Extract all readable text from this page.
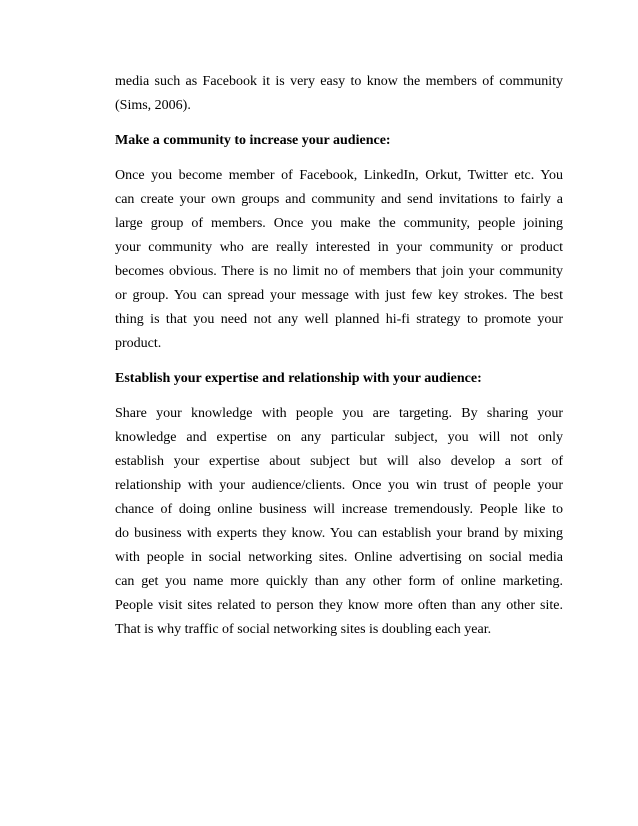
media such as Facebook it is very easy to know the members of community
(Sims, 2006).
Make a community to increase your audience:
Once you become member of Facebook, LinkedIn, Orkut, Twitter etc. You
can create your own groups and community and send invitations to fairly a
large group of members. Once you make the community, people joining
your community who are really interested in your community or product
becomes obvious. There is no limit no of members that join your community
or group. You can spread your message with just few key strokes. The best
thing is that you need not any well planned hi-fi strategy to promote your
product.
Establish your expertise and relationship with your audience:
Share your knowledge with people you are targeting. By sharing your
knowledge and expertise on any particular subject, you will not only
establish your expertise about subject but will also develop a sort of
relationship with your audience/clients. Once you win trust of people your
chance of doing online business will increase tremendously. People like to
do business with experts they know. You can establish your brand by mixing
with people in social networking sites. Online advertising on social media
can get you name more quickly than any other form of online marketing.
People visit sites related to person they know more often than any other site.
That is why traffic of social networking sites is doubling each year.
